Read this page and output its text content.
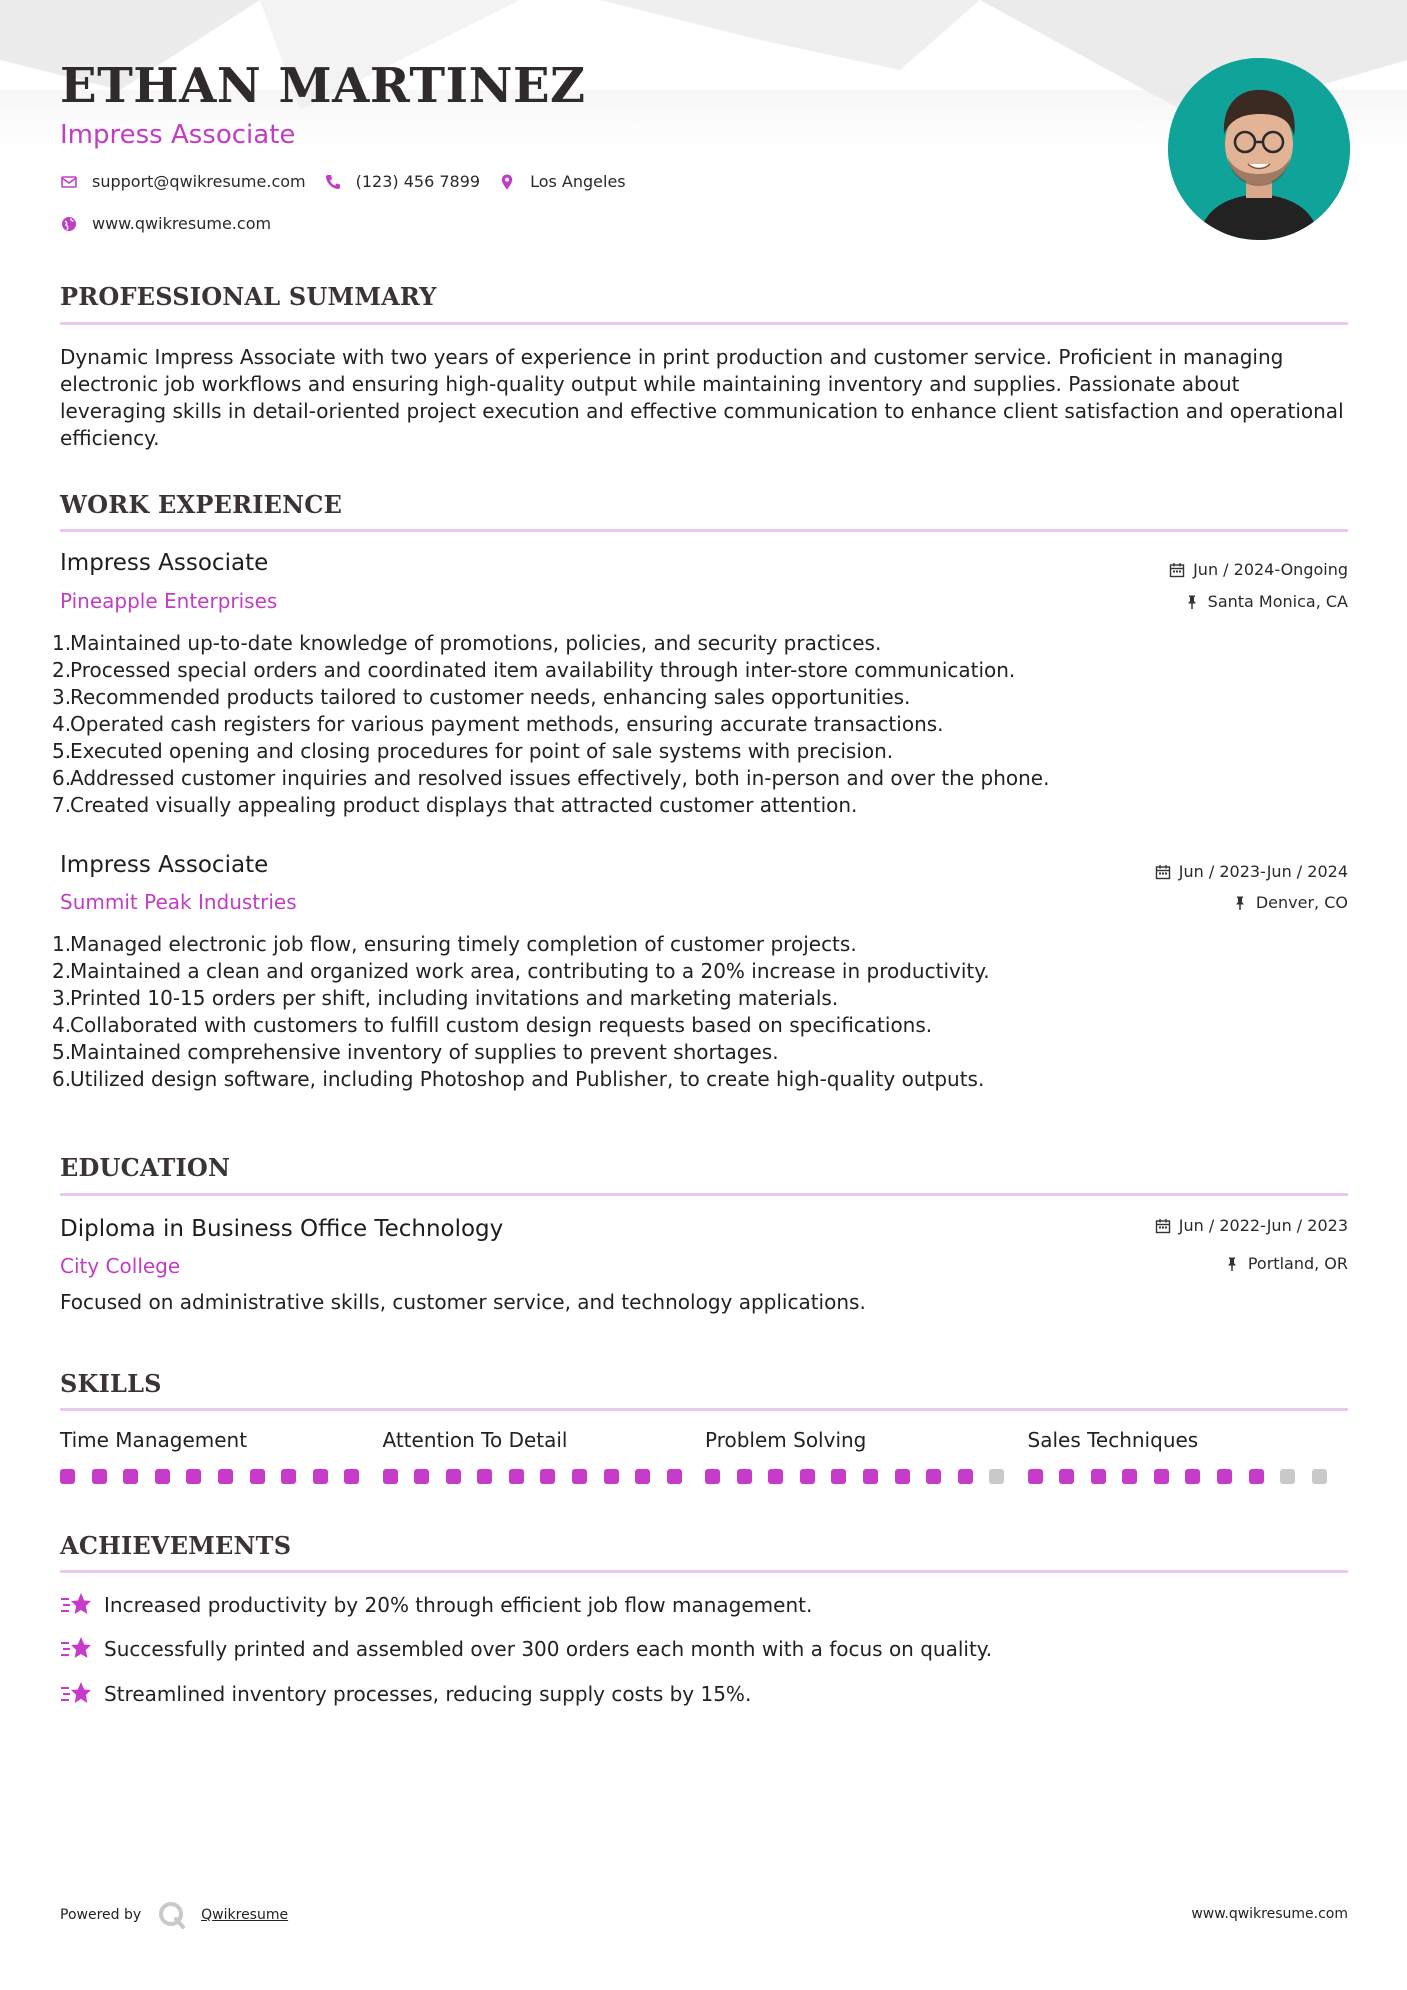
ETHAN MARTINEZ
Impress Associate
support@qwikresume.com	(123) 456 7899	Los Angeles
www.qwikresume.com
PROFESSIONAL SUMMARY
Dynamic Impress Associate with two years of experience in print production and customer service. Proficient in managing electronic job workflows and ensuring high-quality output while maintaining inventory and supplies. Passionate about leveraging skills in detail-oriented project execution and effective communication to enhance client satisfaction and operational efficiency.
WORK EXPERIENCE
Impress Associate
Pineapple Enterprises
Jun / 2024-Ongoing
Santa Monica, CA
1.
Maintained up-to-date knowledge of promotions, policies, and security practices.
2.
Processed special orders and coordinated item availability through inter-store communication.
3.
Recommended products tailored to customer needs, enhancing sales opportunities.
4.
Operated cash registers for various payment methods, ensuring accurate transactions.
5.
Executed opening and closing procedures for point of sale systems with precision.
6.
Addressed customer inquiries and resolved issues effectively, both in-person and over the phone.
7.
Created visually appealing product displays that attracted customer attention.
Impress Associate
Summit Peak Industries
Jun / 2023-Jun / 2024
Denver, CO
1.
Managed electronic job flow, ensuring timely completion of customer projects.
2.
Maintained a clean and organized work area, contributing to a 20% increase in productivity.
3.
Printed 10-15 orders per shift, including invitations and marketing materials.
4.
Collaborated with customers to fulfill custom design requests based on specifications.
5.
Maintained comprehensive inventory of supplies to prevent shortages.
6.
Utilized design software, including Photoshop and Publisher, to create high-quality outputs.
EDUCATION
Diploma in Business Office Technology
City College
Jun / 2022-Jun / 2023
Portland, OR
Focused on administrative skills, customer service, and technology applications.
SKILLS
Time Management	Attention To Detail	Problem Solving	Sales Techniques
ACHIEVEMENTS
Increased productivity by 20% through efficient job flow management.
Successfully printed and assembled over 300 orders each month with a focus on quality.
Streamlined inventory processes, reducing supply costs by 15%.
Powered by	Qwikresume	www.qwikresume.com
